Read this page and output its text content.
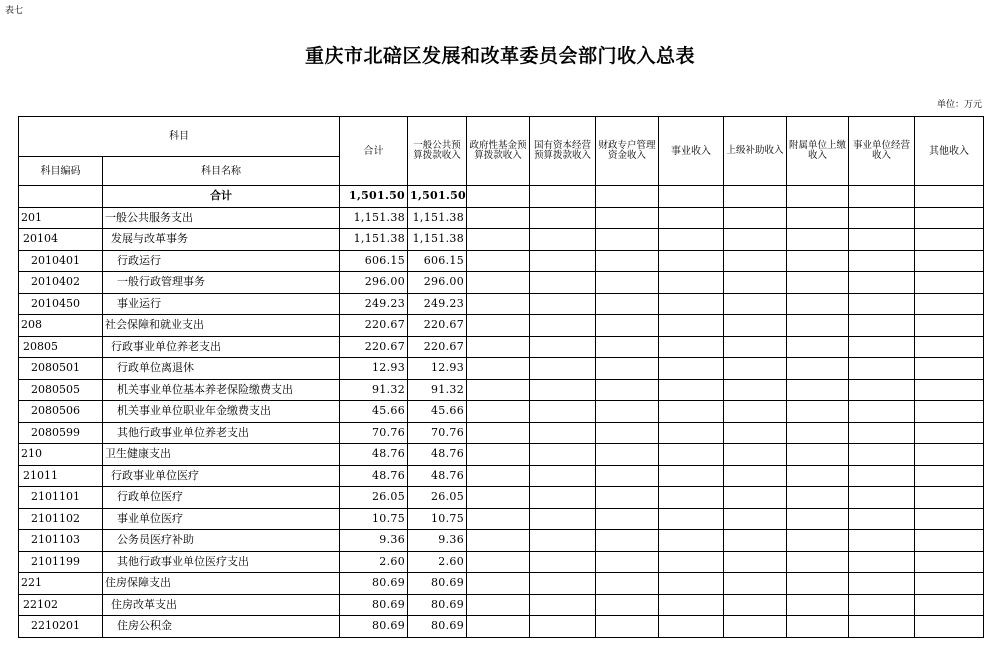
表七
重庆市北碚区发展和改革委员会部门收入总表
单位：万元
科目		合计	一般公共预算拨款收入	政府性基金预算拨款收入	国有资本经营预算拨款收入	财政专户管理资金收入	事业收入	上级补助收入	附属单位上缴收入	事业单位经营收入	其他收入
科目编码	科目名称										
	合计	1,501.50	1,501.50								
201	一般公共服务支出	1,151.38	1,151.38								
20104	发展与改革事务	1,151.38	1,151.38								
2010401	行政运行	606.15	606.15								
2010402	一般行政管理事务	296.00	296.00								
2010450	事业运行	249.23	249.23								
208	社会保障和就业支出	220.67	220.67								
20805	行政事业单位养老支出	220.67	220.67								
2080501	行政单位离退休	12.93	12.93								
2080505	机关事业单位基本养老保险缴费支出	91.32	91.32								
2080506	机关事业单位职业年金缴费支出	45.66	45.66								
2080599	其他行政事业单位养老支出	70.76	70.76								
210	卫生健康支出	48.76	48.76								
21011	行政事业单位医疗	48.76	48.76								
2101101	行政单位医疗	26.05	26.05								
2101102	事业单位医疗	10.75	10.75								
2101103	公务员医疗补助	9.36	9.36								
2101199	其他行政事业单位医疗支出	2.60	2.60								
221	住房保障支出	80.69	80.69								
22102	住房改革支出	80.69	80.69								
2210201	住房公积金	80.69	80.69								
